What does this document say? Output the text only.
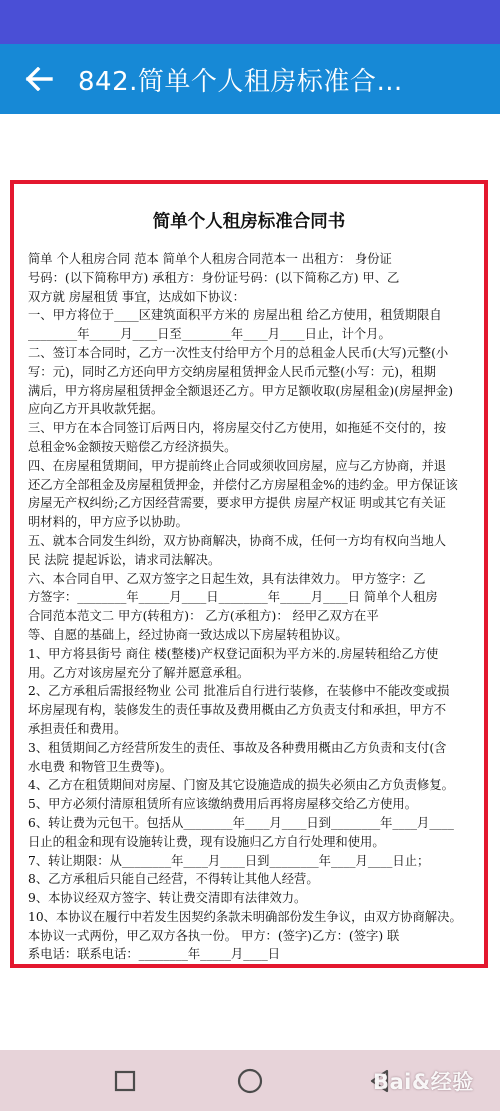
842.简单个人租房标准合…
简单个人租房标准合同书
简单 个人租房合同 范本 简单个人租房合同范本一 出租方： 身份证
号码：(以下简称甲方) 承租方：身份证号码：(以下简称乙方) 甲、乙
双方就 房屋租赁 事宜，达成如下协议：
一、甲方将位于____区建筑面积平方米的 房屋出租 给乙方使用，租赁期限自
________年_____月____日至________年____月____日止，计个月。
二、签订本合同时，乙方一次性支付给甲方个月的总租金人民币(大写)元整(小
写：元)，同时乙方还向甲方交纳房屋租赁押金人民币元整(小写：元)，租期
满后，甲方将房屋租赁押金全额退还乙方。甲方足额收取(房屋租金)(房屋押金)
应向乙方开具收款凭据。
三、甲方在本合同签订后两日内，将房屋交付乙方使用，如拖延不交付的，按
总租金%金额按天赔偿乙方经济损失。
四、在房屋租赁期间，甲方提前终止合同或须收回房屋，应与乙方协商，并退
还乙方全部租金及房屋租赁押金，并偿付乙方房屋租金%的违约金。甲方保证该
房屋无产权纠纷;乙方因经营需要，要求甲方提供 房屋产权证 明或其它有关证
明材料的，甲方应予以协助。
五、就本合同发生纠纷，双方协商解决，协商不成，任何一方均有权向当地人
民 法院 提起诉讼，请求司法解决。
六、本合同自甲、乙双方签字之日起生效，具有法律效力。 甲方签字：乙
方签字：________年_____月____日________年_____月____日 简单个人租房
合同范本范文二 甲方(转租方)： 乙方(承租方)： 经甲乙双方在平
等、自愿的基础上，经过协商一致达成以下房屋转租协议。
1、甲方将县街号 商住 楼(整楼)产权登记面积为平方米的.房屋转租给乙方使
用。乙方对该房屋充分了解并愿意承租。
2、乙方承租后需报经物业 公司 批准后自行进行装修，在装修中不能改变或损
坏房屋现有构，装修发生的责任事故及费用概由乙方负责支付和承担，甲方不
承担责任和费用。
3、租赁期间乙方经营所发生的责任、事故及各种费用概由乙方负责和支付(含
水电费 和物管卫生费等)。
4、乙方在租赁期间对房屋、门窗及其它设施造成的损失必须由乙方负责修复。
5、甲方必须付清原租赁所有应该缴纳费用后再将房屋移交给乙方使用。
6、转让费为元包干。包括从________年____月____日到________年____月____
日止的租金和现有设施转让费，现有设施归乙方自行处理和使用。
7、转让期限：从________年____月____日到________年____月____日止；
8、乙方承租后只能自己经营，不得转让其他人经营。
9、本协议经双方签字、转让费交清即有法律效力。
10、本协议在履行中若发生因契约条款未明确部份发生争议，由双方协商解决。
本协议一式两份，甲乙双方各执一份。 甲方：(签字)乙方：(签字) 联
系电话：联系电话：________年_____月____日
Bai&经验
